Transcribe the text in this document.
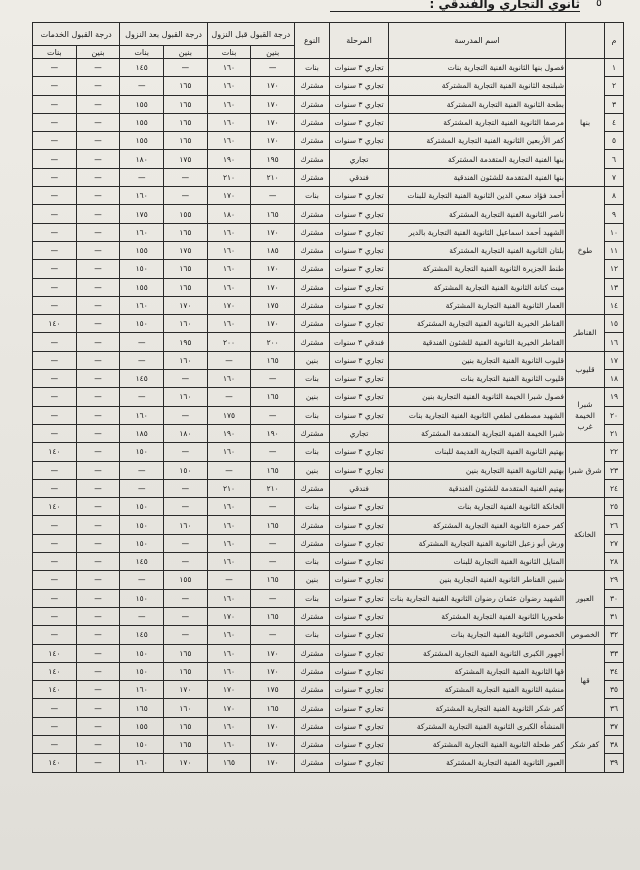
٥
ثانوي التجاري والفندقي :
م		اسم المدرسة	المرحلة	النوع	درجة القبول قبل النزول		درجة القبول بعد النزول		درجة القبول الخدمات	
					بنين	بنات	بنين	بنات	بنين	بنات
١	بنها	فصول بنها الثانوية الفنية التجارية بنات	تجاري ٣ سنوات	بنات	—	١٦٠	—	١٤٥	—	—
٢		شبلنجة الثانوية الفنية التجارية المشتركة	تجاري ٣ سنوات	مشترك	١٧٠	١٦٠	١٦٥	—	—	—
٣		بطحة الثانوية الفنية التجارية المشتركة	تجاري ٣ سنوات	مشترك	١٧٠	١٦٠	١٦٥	١٥٥	—	—
٤		مرصفا الثانوية الفنية التجارية المشتركة	تجاري ٣ سنوات	مشترك	١٧٠	١٦٠	١٦٥	١٥٥	—	—
٥		كفر الأربعين الثانوية الفنية التجارية المشتركة	تجاري ٣ سنوات	مشترك	١٧٠	١٦٠	١٦٥	١٥٥	—	—
٦		بنها الفنية التجارية المتقدمة المشتركة	تجاري	مشترك	١٩٥	١٩٠	١٧٥	١٨٠	—	—
٧		بنها الفنية المتقدمة للشئون الفندقية	فندقي	مشترك	٢١٠	٢١٠	—	—	—	—
٨	طوخ	أحمد فؤاد سعي الدين الثانوية الفنية التجارية للبنات	تجاري ٣ سنوات	بنات	—	١٧٠	—	١٦٠	—	—
٩		ناصر الثانوية الفنية التجارية المشتركة	تجاري ٣ سنوات	مشترك	١٦٥	١٨٠	١٥٥	١٧٥	—	—
١٠		الشهيد أحمد اسماعيل الثانوية الفنية التجارية بالدير	تجاري ٣ سنوات	مشترك	١٧٠	١٦٠	١٦٥	١٦٠	—	—
١١		بلتان الثانوية الفنية التجارية المشتركة	تجاري ٣ سنوات	مشترك	١٨٥	١٦٠	١٧٥	١٥٥	—	—
١٢		طنط الجزيرة الثانوية الفنية التجارية المشتركة	تجاري ٣ سنوات	مشترك	١٧٠	١٦٠	١٦٥	١٥٠	—	—
١٣		ميت كنانة الثانوية الفنية التجارية المشتركة	تجاري ٣ سنوات	مشترك	١٧٠	١٦٠	١٦٥	١٥٥	—	—
١٤		العمار الثانوية الفنية التجارية المشتركة	تجاري ٣ سنوات	مشترك	١٧٥	١٧٠	١٧٠	١٦٠	—	—
١٥	القناطر	القناطر الخيرية الثانوية الفنية التجارية المشتركة	تجاري ٣ سنوات	مشترك	١٧٠	١٦٠	١٦٠	١٥٠	—	١٤٠
١٦		القناطر الخيرية الثانوية الفنية للشئون الفندقية	فندقي ٣ سنوات	مشترك	٢٠٠	٢٠٠	١٩٥	—	—	—
١٧	قليوب	قليوب الثانوية الفنية التجارية بنين	تجاري ٣ سنوات	بنين	١٦٥	—	١٦٠	—	—	—
١٨		قليوب الثانوية الفنية التجارية بنات	تجاري ٣ سنوات	بنات	—	١٦٠	—	١٤٥	—	—
١٩	شبرا الخيمة غرب	فصول شبرا الخيمة الثانوية الفنية التجارية بنين	تجاري ٣ سنوات	بنين	١٦٥	—	١٦٠	—	—	—
٢٠		الشهيد مصطفى لطفي الثانوية الفنية التجارية بنات	تجاري ٣ سنوات	بنات	—	١٧٥	—	١٦٠	—	—
٢١		شبرا الخيمة الفنية التجارية المتقدمة المشتركة	تجاري	مشترك	١٩٠	١٩٠	١٨٠	١٨٥	—	—
٢٢	شرق شبرا	بهتيم الثانوية الفنية التجارية القديمة للبنات	تجاري ٣ سنوات	بنات	—	١٦٠	—	١٥٠	—	١٤٠
٢٣		بهتيم الثانوية الفنية التجارية بنين	تجاري ٣ سنوات	بنين	١٦٥	—	١٥٠	—	—	—
٢٤		بهتيم الفنية المتقدمة للشئون الفندقية	فندقي	مشترك	٢١٠	٢١٠	—	—	—	—
٢٥	الخانكة	الخانكة الثانوية الفنية التجارية بنات	تجاري ٣ سنوات	بنات	—	١٦٠	—	١٥٠	—	١٤٠
٢٦		كفر حمزة الثانوية الفنية التجارية المشتركة	تجاري ٣ سنوات	مشترك	١٦٥	١٦٠	١٦٠	١٥٠	—	—
٢٧		ورش أبو زعبل الثانوية الفنية التجارية المشتركة	تجاري ٣ سنوات	مشترك	—	١٦٠	—	١٥٠	—	—
٢٨		المنايل الثانوية الفنية التجارية للبنات	تجاري ٣ سنوات	بنات	—	١٦٠	—	١٤٥	—	—
٢٩	العبور	شبين القناطر الثانوية الفنية التجارية بنين	تجاري ٣ سنوات	بنين	١٦٥	—	١٥٥	—	—	—
٣٠		الشهيد رضوان عثمان رضوان الثانوية الفنية التجارية بنات	تجاري ٣ سنوات	بنات	—	١٦٠	—	١٥٠	—	—
٣١		طحوريا الثانوية الفنية التجارية المشتركة	تجاري ٣ سنوات	مشترك	١٦٥	١٧٠	—	—	—	—
٣٢	الخصوص	الخصوص الثانوية الفنية التجارية بنات	تجاري ٣ سنوات	بنات	—	١٦٠	—	١٤٥	—	—
٣٣	قها	أجهور الكبرى الثانوية الفنية التجارية المشتركة	تجاري ٣ سنوات	مشترك	١٧٠	١٦٠	١٦٥	١٥٠	—	١٤٠
٣٤		قها الثانوية الفنية التجارية المشتركة	تجاري ٣ سنوات	مشترك	١٧٠	١٦٠	١٦٥	١٥٠	—	١٤٠
٣٥		منشية الثانوية الفنية التجارية المشتركة	تجاري ٣ سنوات	مشترك	١٧٥	١٧٠	١٧٠	١٦٠	—	١٤٠
٣٦		كفر شكر الثانوية الفنية التجارية المشتركة	تجاري ٣ سنوات	مشترك	١٦٥	١٧٠	١٦٠	١٦٥	—	—
٣٧	كفر شكر	المنشأة الكبرى الثانوية الفنية التجارية المشتركة	تجاري ٣ سنوات	مشترك	١٧٠	١٦٠	١٦٥	١٥٥	—	—
٣٨		كفر طحلة الثانوية الفنية التجارية المشتركة	تجاري ٣ سنوات	مشترك	١٧٠	١٦٠	١٦٥	١٥٠	—	—
٣٩		العبور الثانوية الفنية التجارية المشتركة	تجاري ٣ سنوات	مشترك	١٧٠	١٦٥	١٧٠	١٦٠	—	١٤٠
